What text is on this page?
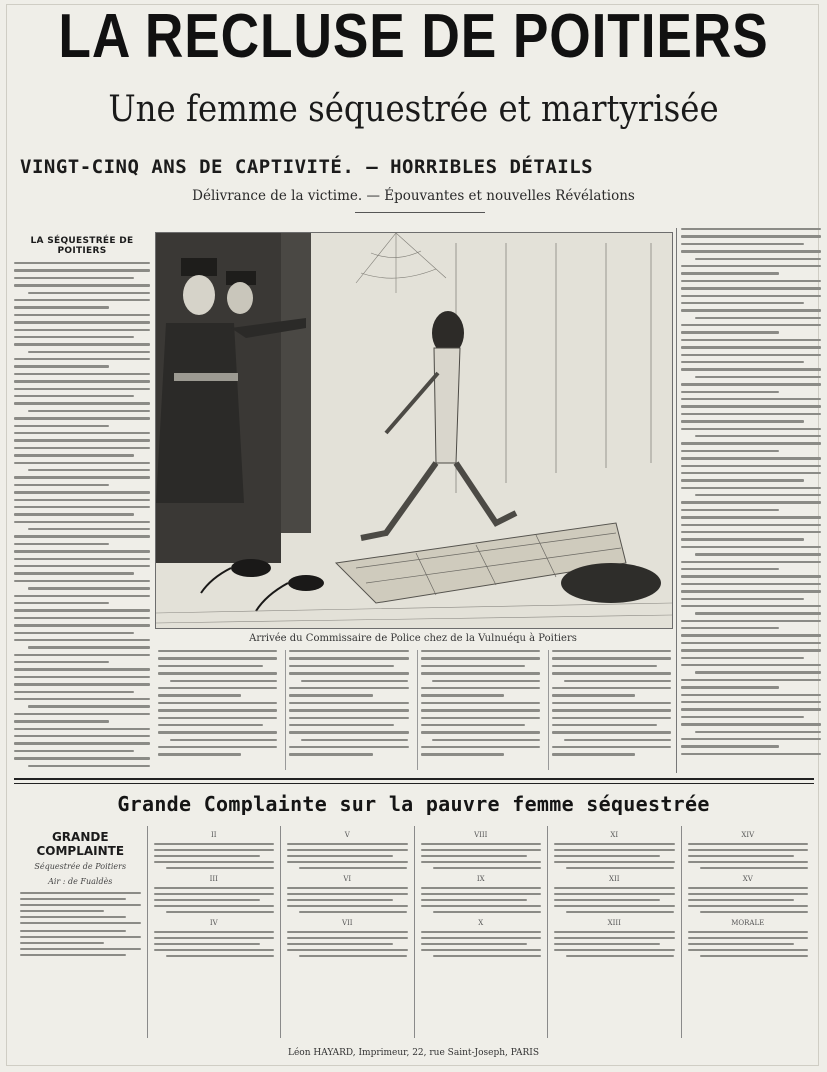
LA RECLUSE DE POITIERS
Une femme séquestrée et martyrisée
VINGT-CINQ ANS DE CAPTIVITÉ. — HORRIBLES DÉTAILS
Délivrance de la victime. — Épouvantes et nouvelles Révélations
LA SÉQUESTRÉE DE POITIERS
Arrivée du Commissaire de Police chez de la Vulnuéqu à Poitiers
Grande Complainte sur la pauvre femme séquestrée
GRANDE COMPLAINTE
Séquestrée de Poitiers
Air : de Fualdès
II
III
IV
V
VI
VII
VIII
IX
X
XI
XII
XIII
XIV
XV
MORALE
Léon HAYARD, Imprimeur, 22, rue Saint-Joseph, PARIS
